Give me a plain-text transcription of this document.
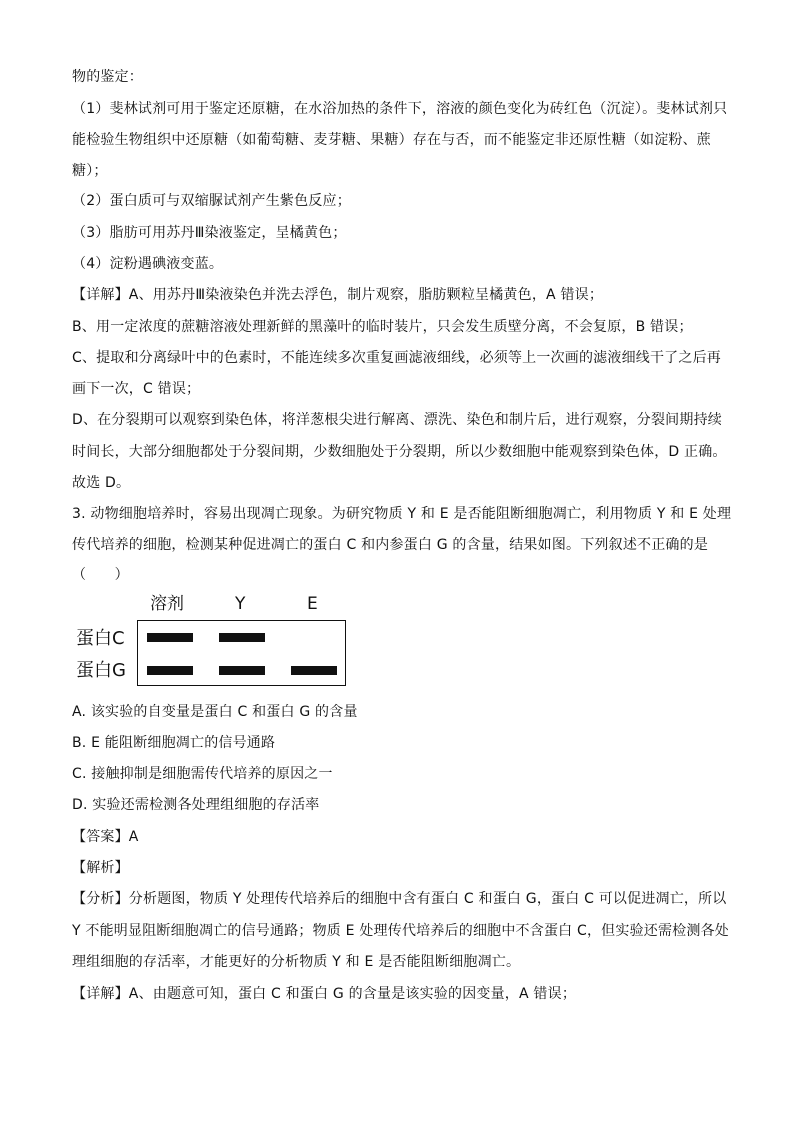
物的鉴定：
（1）斐林试剂可用于鉴定还原糖，在水浴加热的条件下，溶液的颜色变化为砖红色（沉淀）。斐林试剂只
能检验生物组织中还原糖（如葡萄糖、麦芽糖、果糖）存在与否，而不能鉴定非还原性糖（如淀粉、蔗
糖）；
（2）蛋白质可与双缩脲试剂产生紫色反应；
（3）脂肪可用苏丹Ⅲ染液鉴定，呈橘黄色；
（4）淀粉遇碘液变蓝。
【详解】A、用苏丹Ⅲ染液染色并洗去浮色，制片观察，脂肪颗粒呈橘黄色，A 错误；
B、用一定浓度的蔗糖溶液处理新鲜的黑藻叶的临时装片，只会发生质壁分离，不会复原，B 错误；
C、提取和分离绿叶中的色素时，不能连续多次重复画滤液细线，必须等上一次画的滤液细线干了之后再
画下一次，C 错误；
D、在分裂期可以观察到染色体，将洋葱根尖进行解离、漂洗、染色和制片后，进行观察，分裂间期持续
时间长，大部分细胞都处于分裂间期，少数细胞处于分裂期，所以少数细胞中能观察到染色体，D 正确。
故选 D。
3. 动物细胞培养时，容易出现凋亡现象。为研究物质 Y 和 E 是否能阻断细胞凋亡，利用物质 Y 和 E 处理
传代培养的细胞，检测某种促进凋亡的蛋白 C 和内参蛋白 G 的含量，结果如图。下列叙述不正确的是
（　　）
溶剂	Y	E
蛋白C
蛋白G
A. 该实验的自变量是蛋白 C 和蛋白 G 的含量
B. E 能阻断细胞凋亡的信号通路
C. 接触抑制是细胞需传代培养的原因之一
D. 实验还需检测各处理组细胞的存活率
【答案】A
【解析】
【分析】分析题图，物质 Y 处理传代培养后的细胞中含有蛋白 C 和蛋白 G，蛋白 C 可以促进凋亡，所以
Y 不能明显阻断细胞凋亡的信号通路；物质 E 处理传代培养后的细胞中不含蛋白 C，但实验还需检测各处
理组细胞的存活率，才能更好的分析物质 Y 和 E 是否能阻断细胞凋亡。
【详解】A、由题意可知，蛋白 C 和蛋白 G 的含量是该实验的因变量，A 错误；
